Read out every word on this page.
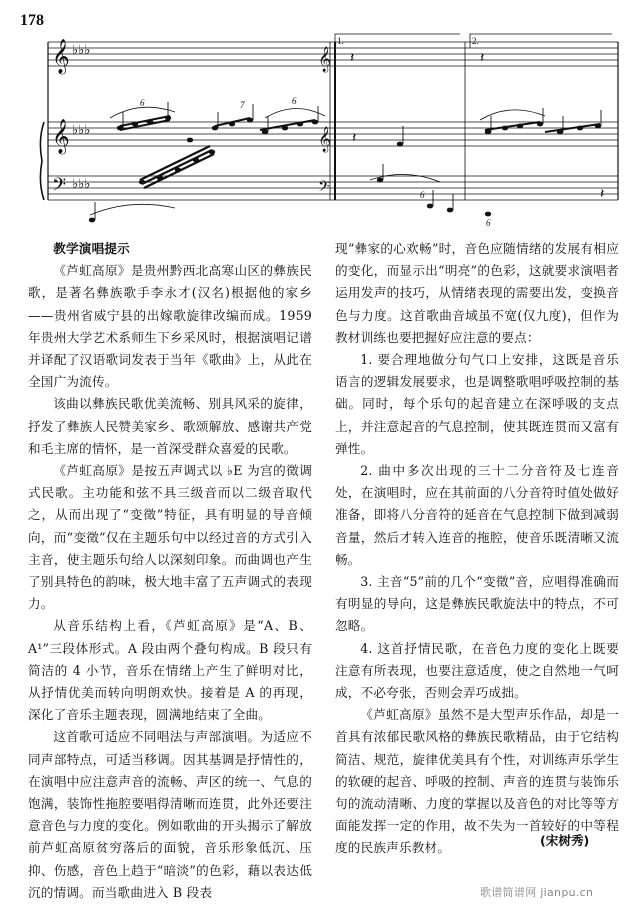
178
𝄞
𝄞
𝄢
𝄞
𝄞
𝄢
♭♭♭
♭♭♭
♭♭♭
𝄽	𝄽
𝄽
𝄽
1.	2.
6	7	6
6
6

教学演唱提示

《芦虹高原》是贵州黔西北高寒山区的彝族民歌，是著名彝族歌手李永才(汉名)根据他的家乡——贵州省威宁县的出嫁歌旋律改编而成。1959 年贵州大学艺术系师生下乡采风时，根据演唱记谱并译配了汉语歌词发表于当年《歌曲》上，从此在全国广为流传。

该曲以彝族民歌优美流畅、别具风采的旋律，抒发了彝族人民赞美家乡、歌颂解放、感谢共产党和毛主席的情怀，是一首深受群众喜爱的民歌。

《芦虹高原》是按五声调式以 ♭E 为宫的徵调式民歌。主功能和弦不具三级音而以二级音取代之，从而出现了“变徵”特征，具有明显的导音倾向，而“变徵”仅在主题乐句中以经过音的方式引入主音，使主题乐句给人以深刻印象。而曲调也产生了别具特色的韵味，极大地丰富了五声调式的表现力。

从音乐结构上看，《芦虹高原》是“A、B、A¹”三段体形式。A 段由两个叠句构成。B 段只有简洁的 4 小节，音乐在情绪上产生了鲜明对比，从抒情优美而转向明朗欢快。接着是 A 的再现，深化了音乐主题表现，圆满地结束了全曲。

这首歌可适应不同唱法与声部演唱。为适应不同声部特点，可适当移调。因其基调是抒情性的，在演唱中应注意声音的流畅、声区的统一、气息的饱满，装饰性拖腔要唱得清晰而连贯，此外还要注意音色与力度的变化。例如歌曲的开头揭示了解放前芦虹高原贫穷落后的面貌，音乐形象低沉、压抑、伤感，音色上趋于“暗淡”的色彩，藉以表达低沉的情调。而当歌曲进入 B 段表

现“彝家的心欢畅”时，音色应随情绪的发展有相应的变化，而显示出“明亮”的色彩，这就要求演唱者运用发声的技巧，从情绪表现的需要出发，变换音色与力度。这首歌曲音域虽不宽(仅九度)，但作为教材训练也要把握好应注意的要点：

1. 要合理地做分句气口上安排，这既是音乐语言的逻辑发展要求，也是调整歌唱呼吸控制的基础。同时，每个乐句的起音建立在深呼吸的支点上，并注意起音的气息控制，使其既连贯而又富有弹性。

2. 曲中多次出现的三十二分音符及七连音处，在演唱时，应在其前面的八分音符时值处做好准备，即将八分音符的延音在气息控制下做到减弱音量，然后才转入连音的拖腔，使音乐既清晰又流畅。

3. 主音“5”前的几个“变徵”音，应唱得准确而有明显的导向，这是彝族民歌旋法中的特点，不可忽略。

4. 这首抒情民歌，在音色力度的变化上既要注意有所表现，也要注意适度，使之自然地一气呵成，不必夸张，否则会弄巧成拙。

《芦虹高原》虽然不是大型声乐作品，却是一首具有浓郁民歌风格的彝族民歌精品，由于它结构简洁、规范，旋律优美具有个性，对训练声乐学生的软硬的起音、呼吸的控制、声音的连贯与装饰乐句的流动清晰、力度的掌握以及音色的对比等等方面能发挥一定的作用，故不失为一首较好的中等程度的民族声乐教材。	(宋树秀)
歌谱简谱网 jianpu.cn
